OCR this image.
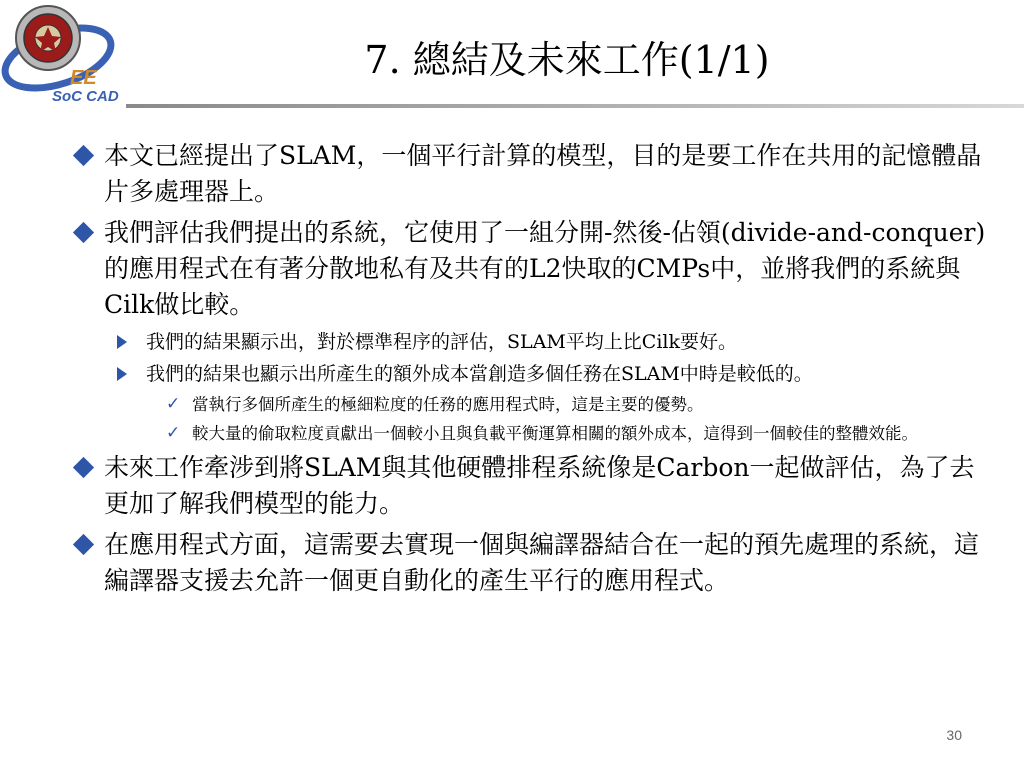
EE
SoC CAD
7. 總結及未來工作(1/1)
本文已經提出了SLAM，一個平行計算的模型，目的是要工作在共用的記憶體晶片多處理器上。
我們評估我們提出的系統，它使用了一組分開-然後-佔領(divide-and-conquer)的應用程式在有著分散地私有及共有的L2快取的CMPs中，並將我們的系統與Cilk做比較。
我們的結果顯示出，對於標準程序的評估，SLAM平均上比Cilk要好。
我們的結果也顯示出所產生的額外成本當創造多個任務在SLAM中時是較低的。
✓ 當執行多個所產生的極細粒度的任務的應用程式時，這是主要的優勢。
✓ 較大量的偷取粒度貢獻出一個較小且與負載平衡運算相關的額外成本，這得到一個較佳的整體效能。
未來工作牽涉到將SLAM與其他硬體排程系統像是Carbon一起做評估，為了去更加了解我們模型的能力。
在應用程式方面，這需要去實現一個與編譯器結合在一起的預先處理的系統，這編譯器支援去允許一個更自動化的產生平行的應用程式。
30
